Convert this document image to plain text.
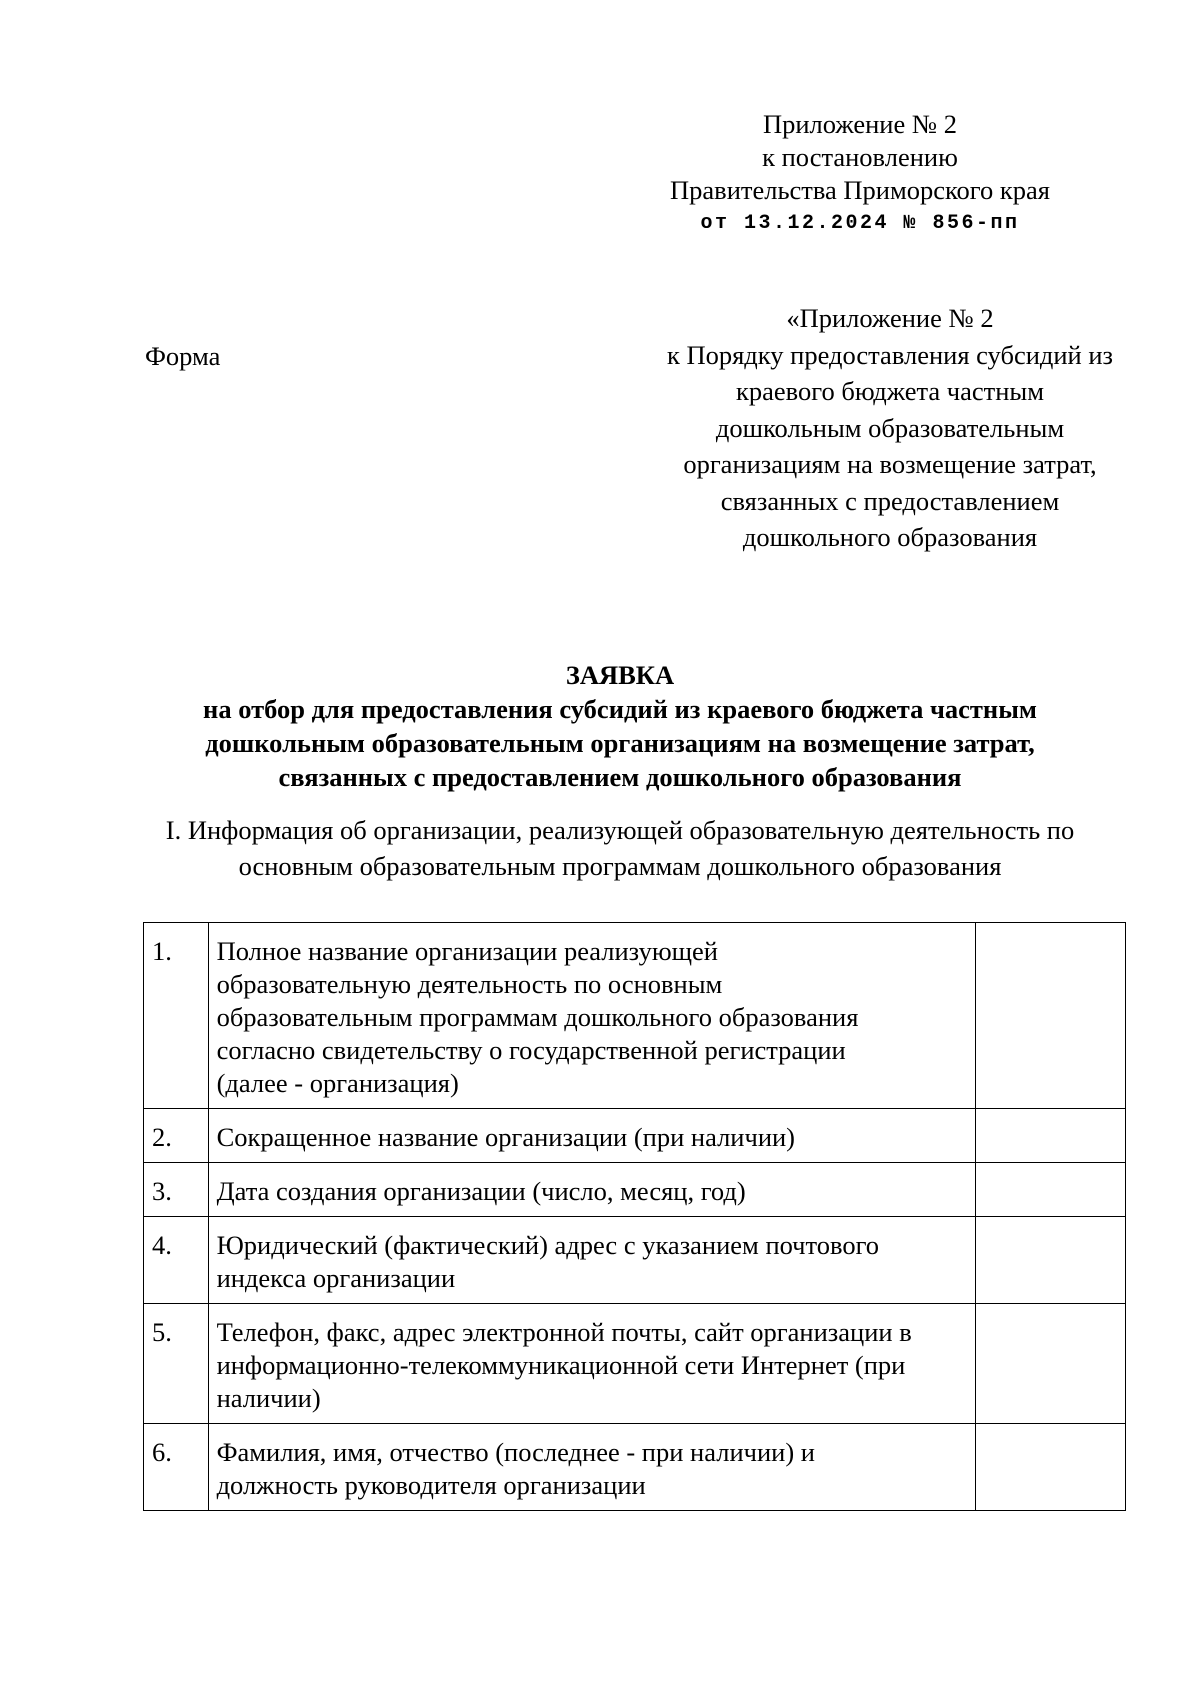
Приложение № 2
к постановлению
Правительства Приморского края
от 13.12.2024 № 856-пп
Форма
«Приложение № 2
к Порядку предоставления субсидий из
краевого бюджета частным
дошкольным образовательным
организациям на возмещение затрат,
связанных с предоставлением
дошкольного образования
ЗАЯВКА
на отбор для предоставления субсидий из краевого бюджета частным
дошкольным образовательным организациям на возмещение затрат,
связанных с предоставлением дошкольного образования
I. Информация об организации, реализующей образовательную деятельность по
основным образовательным программам дошкольного образования
1.	Полное название организации реализующей
образовательную деятельность по основным
образовательным программам дошкольного образования
согласно свидетельству о государственной регистрации
(далее - организация)	

2.	Сокращенное название организации (при наличии)	

3.	Дата создания организации (число, месяц, год)	

4.	Юридический (фактический) адрес с указанием почтового
индекса организации	

5.	Телефон, факс, адрес электронной почты, сайт организации в
информационно-телекоммуникационной сети Интернет (при
наличии)	

6.	Фамилия, имя, отчество (последнее - при наличии) и
должность руководителя организации	
